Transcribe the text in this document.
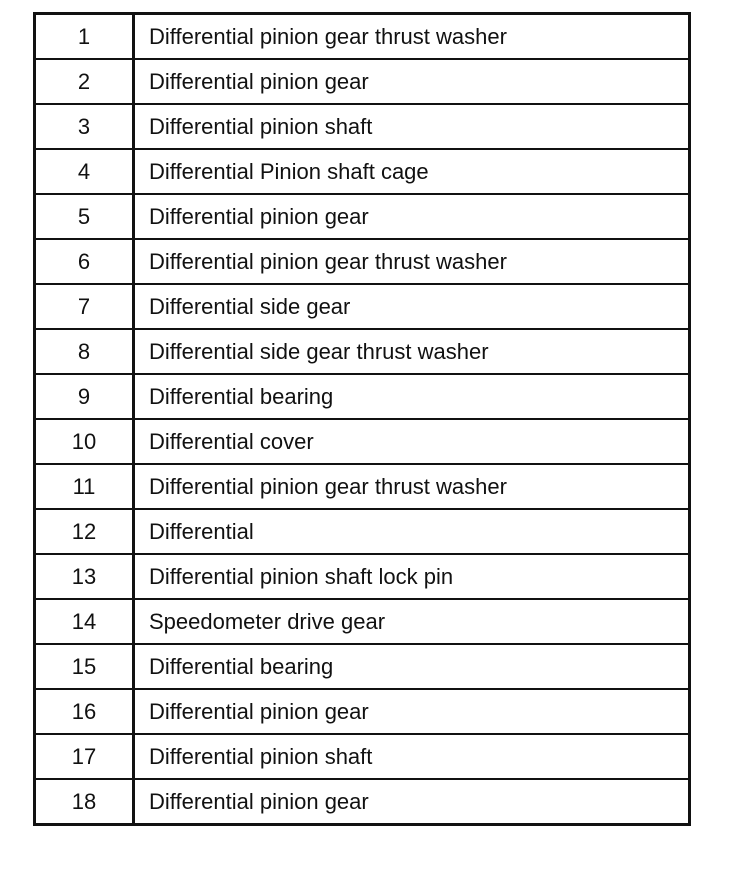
1	Differential pinion gear thrust washer
2	Differential pinion gear
3	Differential pinion shaft
4	Differential Pinion shaft cage
5	Differential pinion gear
6	Differential pinion gear thrust washer
7	Differential side gear
8	Differential side gear thrust washer
9	Differential bearing
10	Differential cover
11	Differential pinion gear thrust washer
12	Differential
13	Differential pinion shaft lock pin
14	Speedometer drive gear
15	Differential bearing
16	Differential pinion gear
17	Differential pinion shaft
18	Differential pinion gear
